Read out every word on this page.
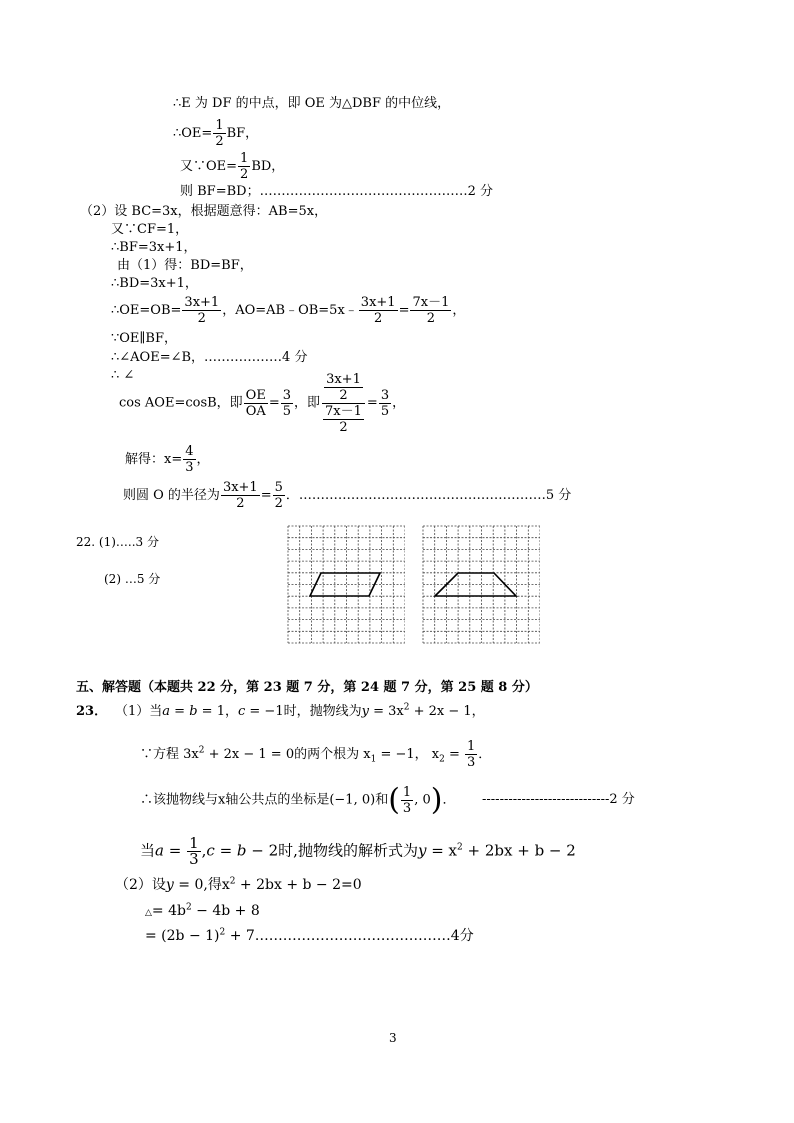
∴E 为 DF 的中点，即 OE 为△DBF 的中位线，
∴OE= $\frac{1}{2}$ BF，
又∵OE= $\frac{1}{2}$ BD，
则 BF=BD；…………………………………………2 分
（2）设 BC=3x，根据题意得：AB=5x，
又∵CF=1，
∴BF=3x+1，
由（1）得：BD=BF，
∴BD=3x+1，
∴OE=OB= $\frac{3x+1}{2}$ ，AO=AB﹣OB=5x﹣ $\frac{3x+1}{2} = \frac{7x-1}{2}$ ，
∵OE∥BF，
∴∠AOE=∠B，………………4 分
∴ ∠
cos AOE=cosB，即 $\frac{OE}{OA} = \frac{3}{5}$ ，即 3x+1
2
7x－1
$2 = \frac{3}{5}$ ，
解得：$x= \frac{4}{3}$ ，
则圆 O 的半径为 $\frac{3x+1}{2} = \frac{5}{2}$ ．…………………………………………………5 分
22. (1)…..3 分
(2) …5 分
五、解答题（本题共 22 分，第 23 题 7 分，第 24 题 7 分，第 25 题 8 分）
23． （1）当a = b = 1，c = −1时，抛物线为$y = 3x^2 + 2x - 1$，
∵方程 $3x^2 + 2x - 1 = 0$的两个根为 $x_1 = -1$， $x_2 = \frac{1}{3}$ ．
∴该抛物线与x轴公共点的坐标是(−1, 0)和( $\frac{1}{3}$ , 0)． -----------------------------2 分
当$a = \frac{1}{3} ,c = b - 2$时,抛物线的解析式为$y = x^2 + 2bx + b - 2$
（2）设y = 0,得$x^2 + 2bx + b - 2=0$
△= $4b^2 - 4b + 8$
= $(2b - 1)^2$ + 7……………………………………4分
3
